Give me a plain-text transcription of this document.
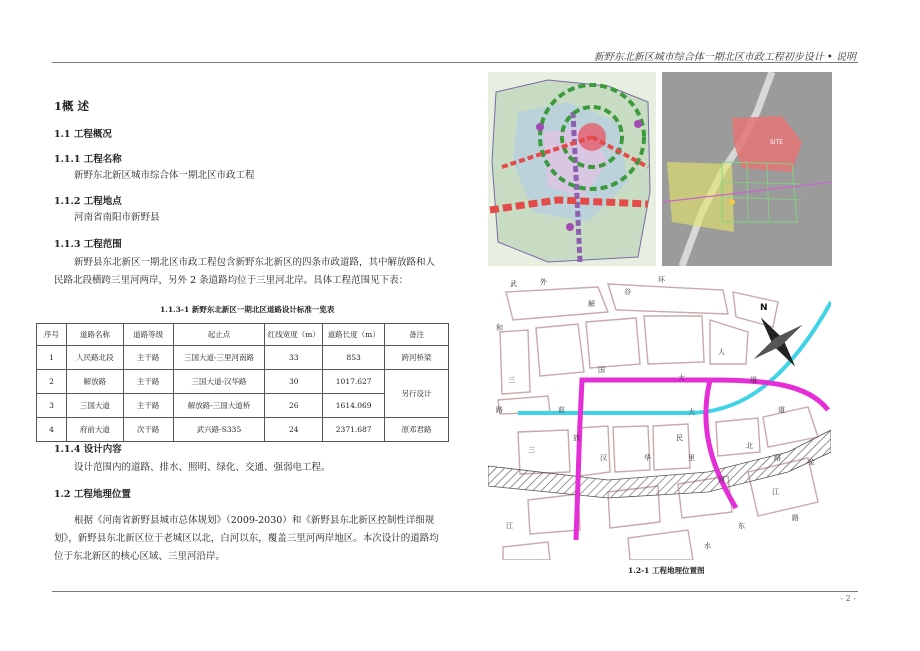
新野东北新区城市综合体一期北区市政工程初步设计 • 说明
1概 述
1.1 工程概况
1.1.1 工程名称
新野东北新区城市综合体一期北区市政工程
1.1.2 工程地点
河南省南阳市新野县
1.1.3 工程范围
新野县东北新区一期北区市政工程包含新野东北新区的四条市政道路，其中解放路和人
民路北段横跨三里河两岸，另外 2 条道路均位于三里河北岸。具体工程范围见下表：
1.1.3-1 新野东北新区一期北区道路设计标准一览表
序号	道路名称	道路等级	起止点	红线宽度（m）	道路长度（m）	备注
1	人民路北段	主干路	三国大道-三里河南路	33	853	跨河桥梁
2	解放路	主干路	三国大道-汉华路	30	1017.627	另行设计
3	三国大道	主干路	解放路-三国大道桥	26	1614.069	
4	府前大道	次干路	武兴路-S335	24	2371.687	原邓君路
1.1.4 设计内容
设计范围内的道路、排水、照明、绿化、交通、强弱电工程。
1.2 工程地理位置
根据《河南省新野县城市总体规划》（2009-2030）和《新野县东北新区控制性详细规
划》，新野县东北新区位于老城区以北，白河以东，覆盖三里河两岸地区。本次设计的道路均
位于东北新区的核心区域、三里河沿岸。
SITE
N
武	外	环
和
解
谷
三
路	前
人
大	道
民
放
国
大	道
三
里
河
北
路
江
路
东
水
江
金
汉	华
1.2-1 工程地理位置图
- 2 -
